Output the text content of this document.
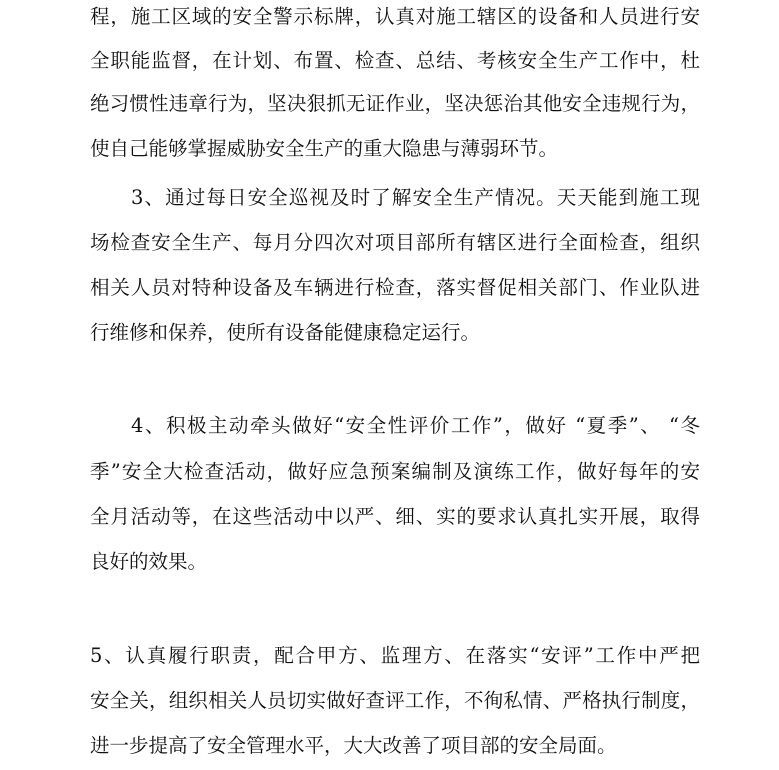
程，施工区域的安全警示标牌，认真对施工辖区的设备和人员进行安
全职能监督，在计划、布置、检查、总结、考核安全生产工作中，杜
绝习惯性违章行为，坚决狠抓无证作业，坚决惩治其他安全违规行为，
使自己能够掌握威胁安全生产的重大隐患与薄弱环节。
3、通过每日安全巡视及时了解安全生产情况。天天能到施工现
场检查安全生产、每月分四次对项目部所有辖区进行全面检查，组织
相关人员对特种设备及车辆进行检查，落实督促相关部门、作业队进
行维修和保养，使所有设备能健康稳定运行。
4、积极主动牵头做好“安全性评价工作”，做好 “夏季”、 “冬
季”安全大检查活动，做好应急预案编制及演练工作，做好每年的安
全月活动等，在这些活动中以严、细、实的要求认真扎实开展，取得
良好的效果。
5、认真履行职责，配合甲方、监理方、在落实“安评”工作中严把
安全关，组织相关人员切实做好查评工作，不徇私情、严格执行制度，
进一步提高了安全管理水平，大大改善了项目部的安全局面。
